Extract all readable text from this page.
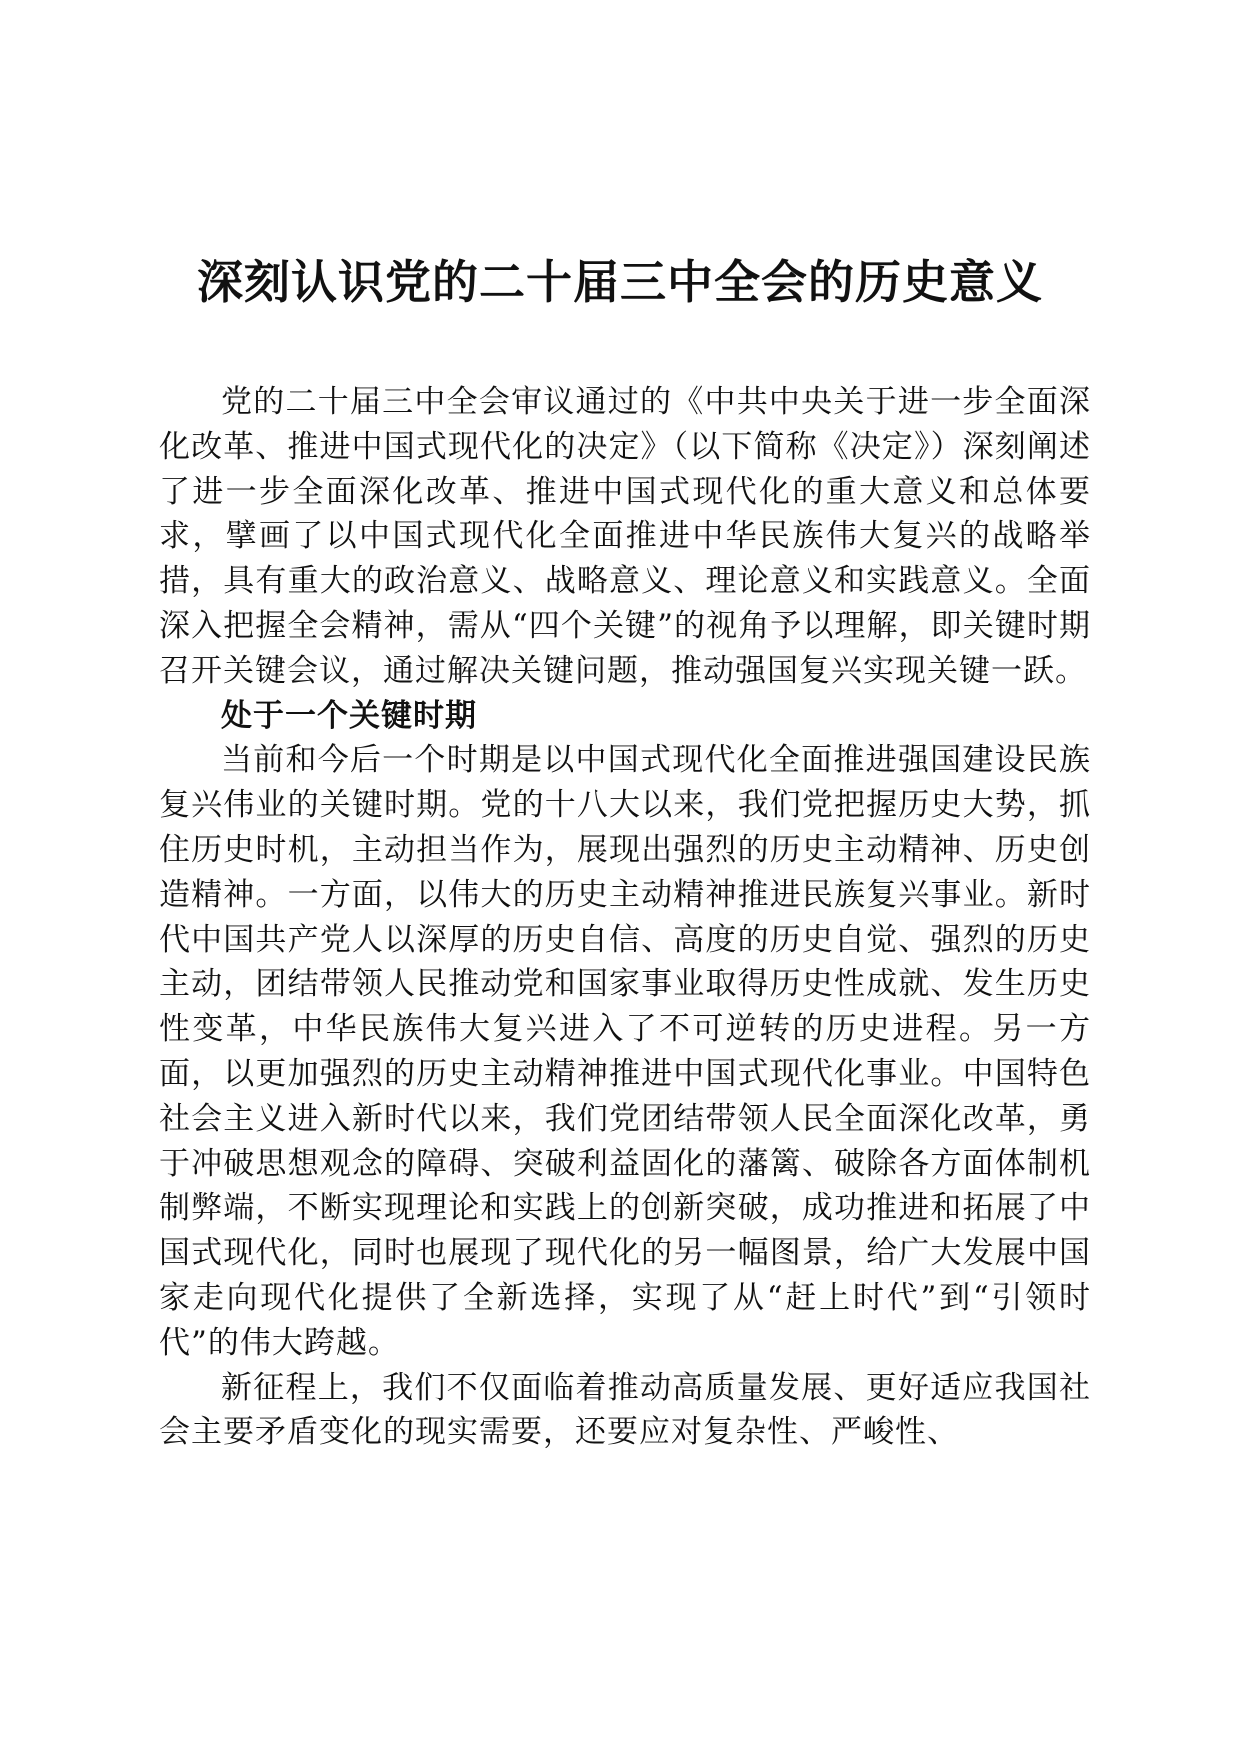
深刻认识党的二十届三中全会的历史意义

党的二十届三中全会审议通过的《中共中央关于进一步全面深化改革、推进中国式现代化的决定》（以下简称《决定》）深刻阐述了进一步全面深化改革、推进中国式现代化的重大意义和总体要求，擘画了以中国式现代化全面推进中华民族伟大复兴的战略举措，具有重大的政治意义、战略意义、理论意义和实践意义。全面深入把握全会精神，需从“四个关键”的视角予以理解，即关键时期召开关键会议，通过解决关键问题，推动强国复兴实现关键一跃。

处于一个关键时期

当前和今后一个时期是以中国式现代化全面推进强国建设民族复兴伟业的关键时期。党的十八大以来，我们党把握历史大势，抓住历史时机，主动担当作为，展现出强烈的历史主动精神、历史创造精神。一方面，以伟大的历史主动精神推进民族复兴事业。新时代中国共产党人以深厚的历史自信、高度的历史自觉、强烈的历史主动，团结带领人民推动党和国家事业取得历史性成就、发生历史性变革，中华民族伟大复兴进入了不可逆转的历史进程。另一方面，以更加强烈的历史主动精神推进中国式现代化事业。中国特色社会主义进入新时代以来，我们党团结带领人民全面深化改革，勇于冲破思想观念的障碍、突破利益固化的藩篱、破除各方面体制机制弊端，不断实现理论和实践上的创新突破，成功推进和拓展了中国式现代化，同时也展现了现代化的另一幅图景，给广大发展中国家走向现代化提供了全新选择，实现了从“赶上时代”到“引领时代”的伟大跨越。

新征程上，我们不仅面临着推动高质量发展、更好适应我国社会主要矛盾变化的现实需要，还要应对复杂性、严峻性、
